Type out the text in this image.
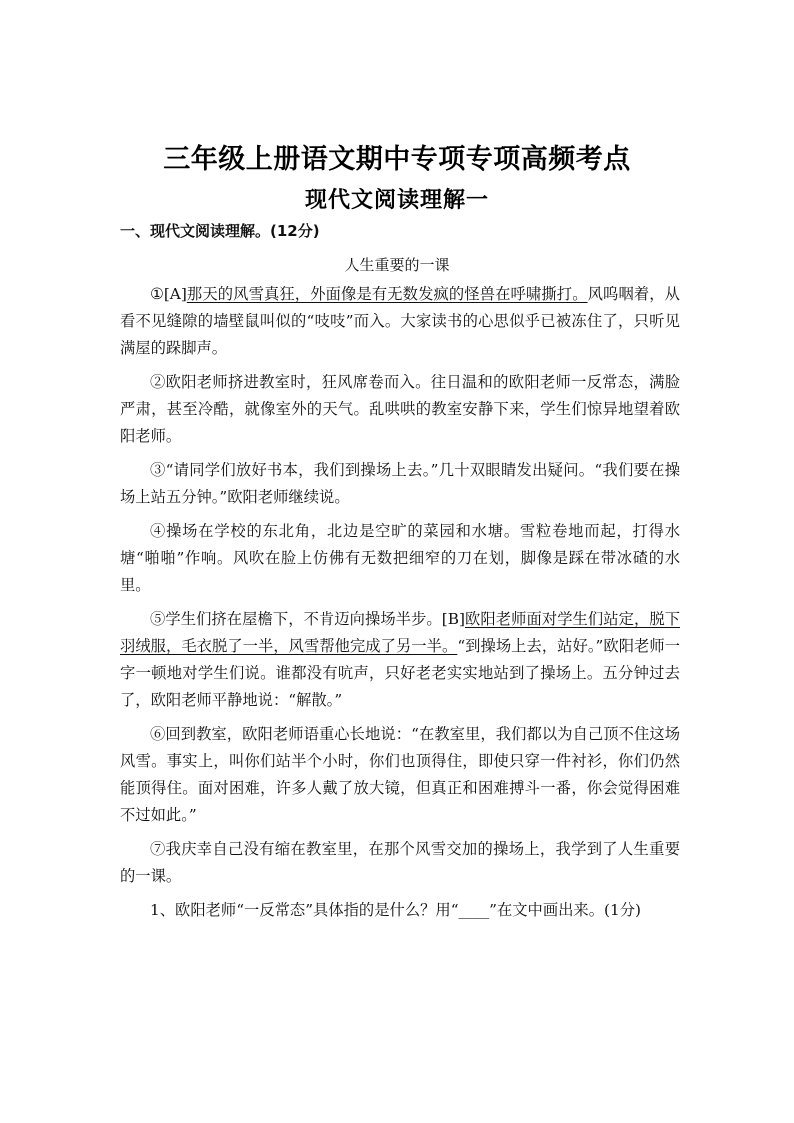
三年级上册语文期中专项专项高频考点
现代文阅读理解一
一、现代文阅读理解。(12分)
人生重要的一课

①[A]那天的风雪真狂，外面像是有无数发疯的怪兽在呼啸撕打。风呜咽着，从看不见缝隙的墙壁鼠叫似的“吱吱”而入。大家读书的心思似乎已被冻住了，只听见满屋的跺脚声。

②欧阳老师挤进教室时，狂风席卷而入。往日温和的欧阳老师一反常态，满脸严肃，甚至冷酷，就像室外的天气。乱哄哄的教室安静下来，学生们惊异地望着欧阳老师。

③“请同学们放好书本，我们到操场上去。”几十双眼睛发出疑问。“我们要在操场上站五分钟。”欧阳老师继续说。

④操场在学校的东北角，北边是空旷的菜园和水塘。雪粒卷地而起，打得水塘“啪啪”作响。风吹在脸上仿佛有无数把细窄的刀在划，脚像是踩在带冰碴的水里。

⑤学生们挤在屋檐下，不肯迈向操场半步。[B]欧阳老师面对学生们站定，脱下羽绒服，毛衣脱了一半，风雪帮他完成了另一半。“到操场上去，站好。”欧阳老师一字一顿地对学生们说。谁都没有吭声，只好老老实实地站到了操场上。五分钟过去了，欧阳老师平静地说：“解散。”

⑥回到教室，欧阳老师语重心长地说：“在教室里，我们都以为自己顶不住这场风雪。事实上，叫你们站半个小时，你们也顶得住，即使只穿一件衬衫，你们仍然能顶得住。面对困难，许多人戴了放大镜，但真正和困难搏斗一番，你会觉得困难不过如此。”

⑦我庆幸自己没有缩在教室里，在那个风雪交加的操场上，我学到了人生重要的一课。

1、欧阳老师“一反常态”具体指的是什么？用“____”在文中画出来。(1分)
